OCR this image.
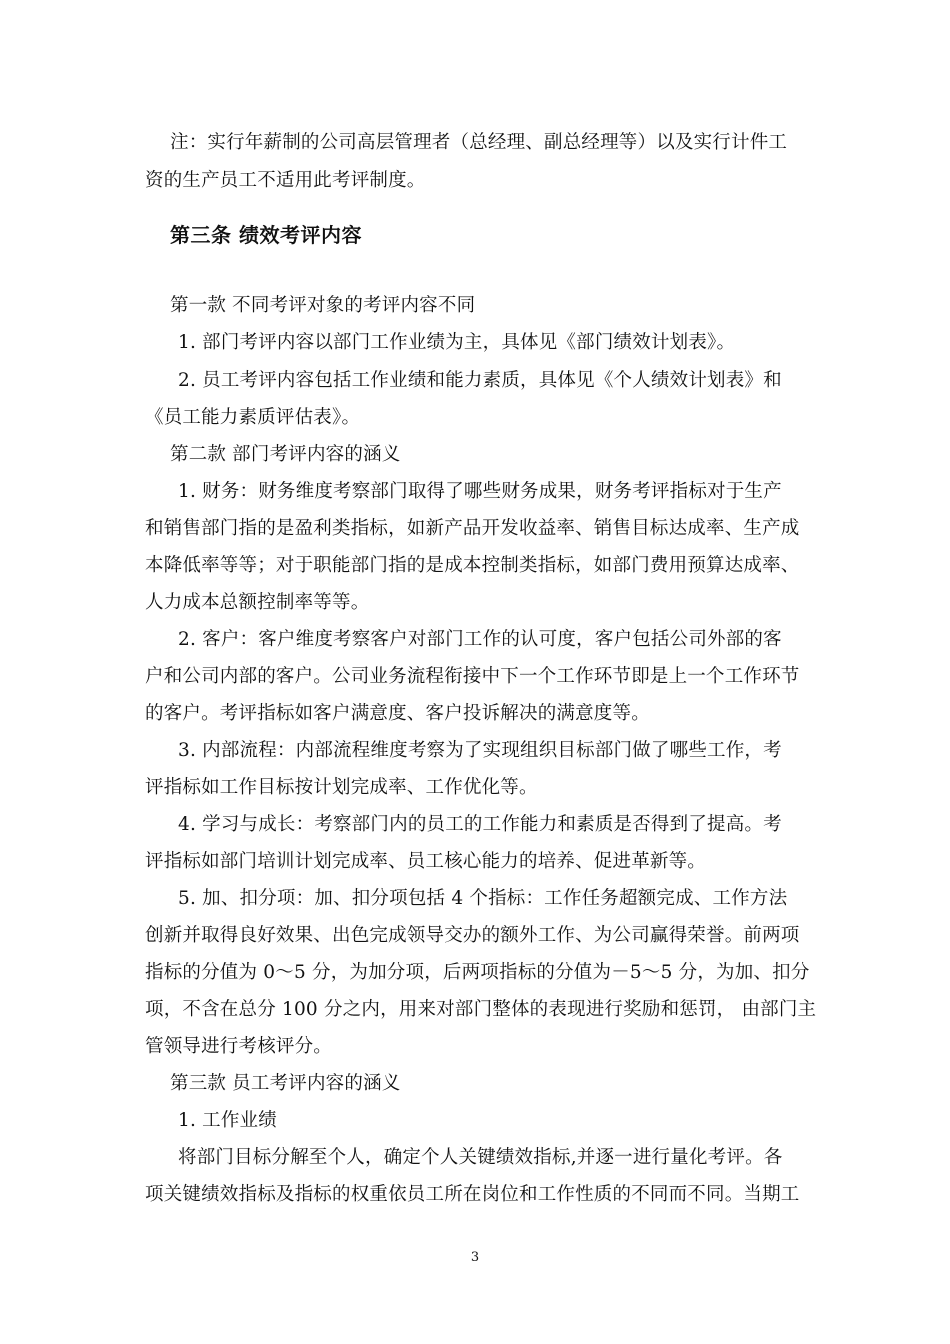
注：实行年薪制的公司高层管理者（总经理、副总经理等）以及实行计件工
资的生产员工不适用此考评制度。
第三条 绩效考评内容
第一款 不同考评对象的考评内容不同
1. 部门考评内容以部门工作业绩为主，具体见《部门绩效计划表》。
2. 员工考评内容包括工作业绩和能力素质，具体见《个人绩效计划表》和
《员工能力素质评估表》。
第二款 部门考评内容的涵义
1. 财务：财务维度考察部门取得了哪些财务成果，财务考评指标对于生产
和销售部门指的是盈利类指标，如新产品开发收益率、销售目标达成率、生产成
本降低率等等；对于职能部门指的是成本控制类指标，如部门费用预算达成率、
人力成本总额控制率等等。
2. 客户：客户维度考察客户对部门工作的认可度，客户包括公司外部的客
户和公司内部的客户。公司业务流程衔接中下一个工作环节即是上一个工作环节
的客户。考评指标如客户满意度、客户投诉解决的满意度等。
3. 内部流程：内部流程维度考察为了实现组织目标部门做了哪些工作，考
评指标如工作目标按计划完成率、工作优化等。
4. 学习与成长：考察部门内的员工的工作能力和素质是否得到了提高。考
评指标如部门培训计划完成率、员工核心能力的培养、促进革新等。
5. 加、扣分项：加、扣分项包括 4 个指标：工作任务超额完成、工作方法
创新并取得良好效果、出色完成领导交办的额外工作、为公司赢得荣誉。前两项
指标的分值为 0～5 分，为加分项，后两项指标的分值为－5～5 分，为加、扣分
项，不含在总分 100 分之内，用来对部门整体的表现进行奖励和惩罚， 由部门主
管领导进行考核评分。
第三款 员工考评内容的涵义
1. 工作业绩
将部门目标分解至个人，确定个人关键绩效指标,并逐一进行量化考评。各
项关键绩效指标及指标的权重依员工所在岗位和工作性质的不同而不同。当期工
3
